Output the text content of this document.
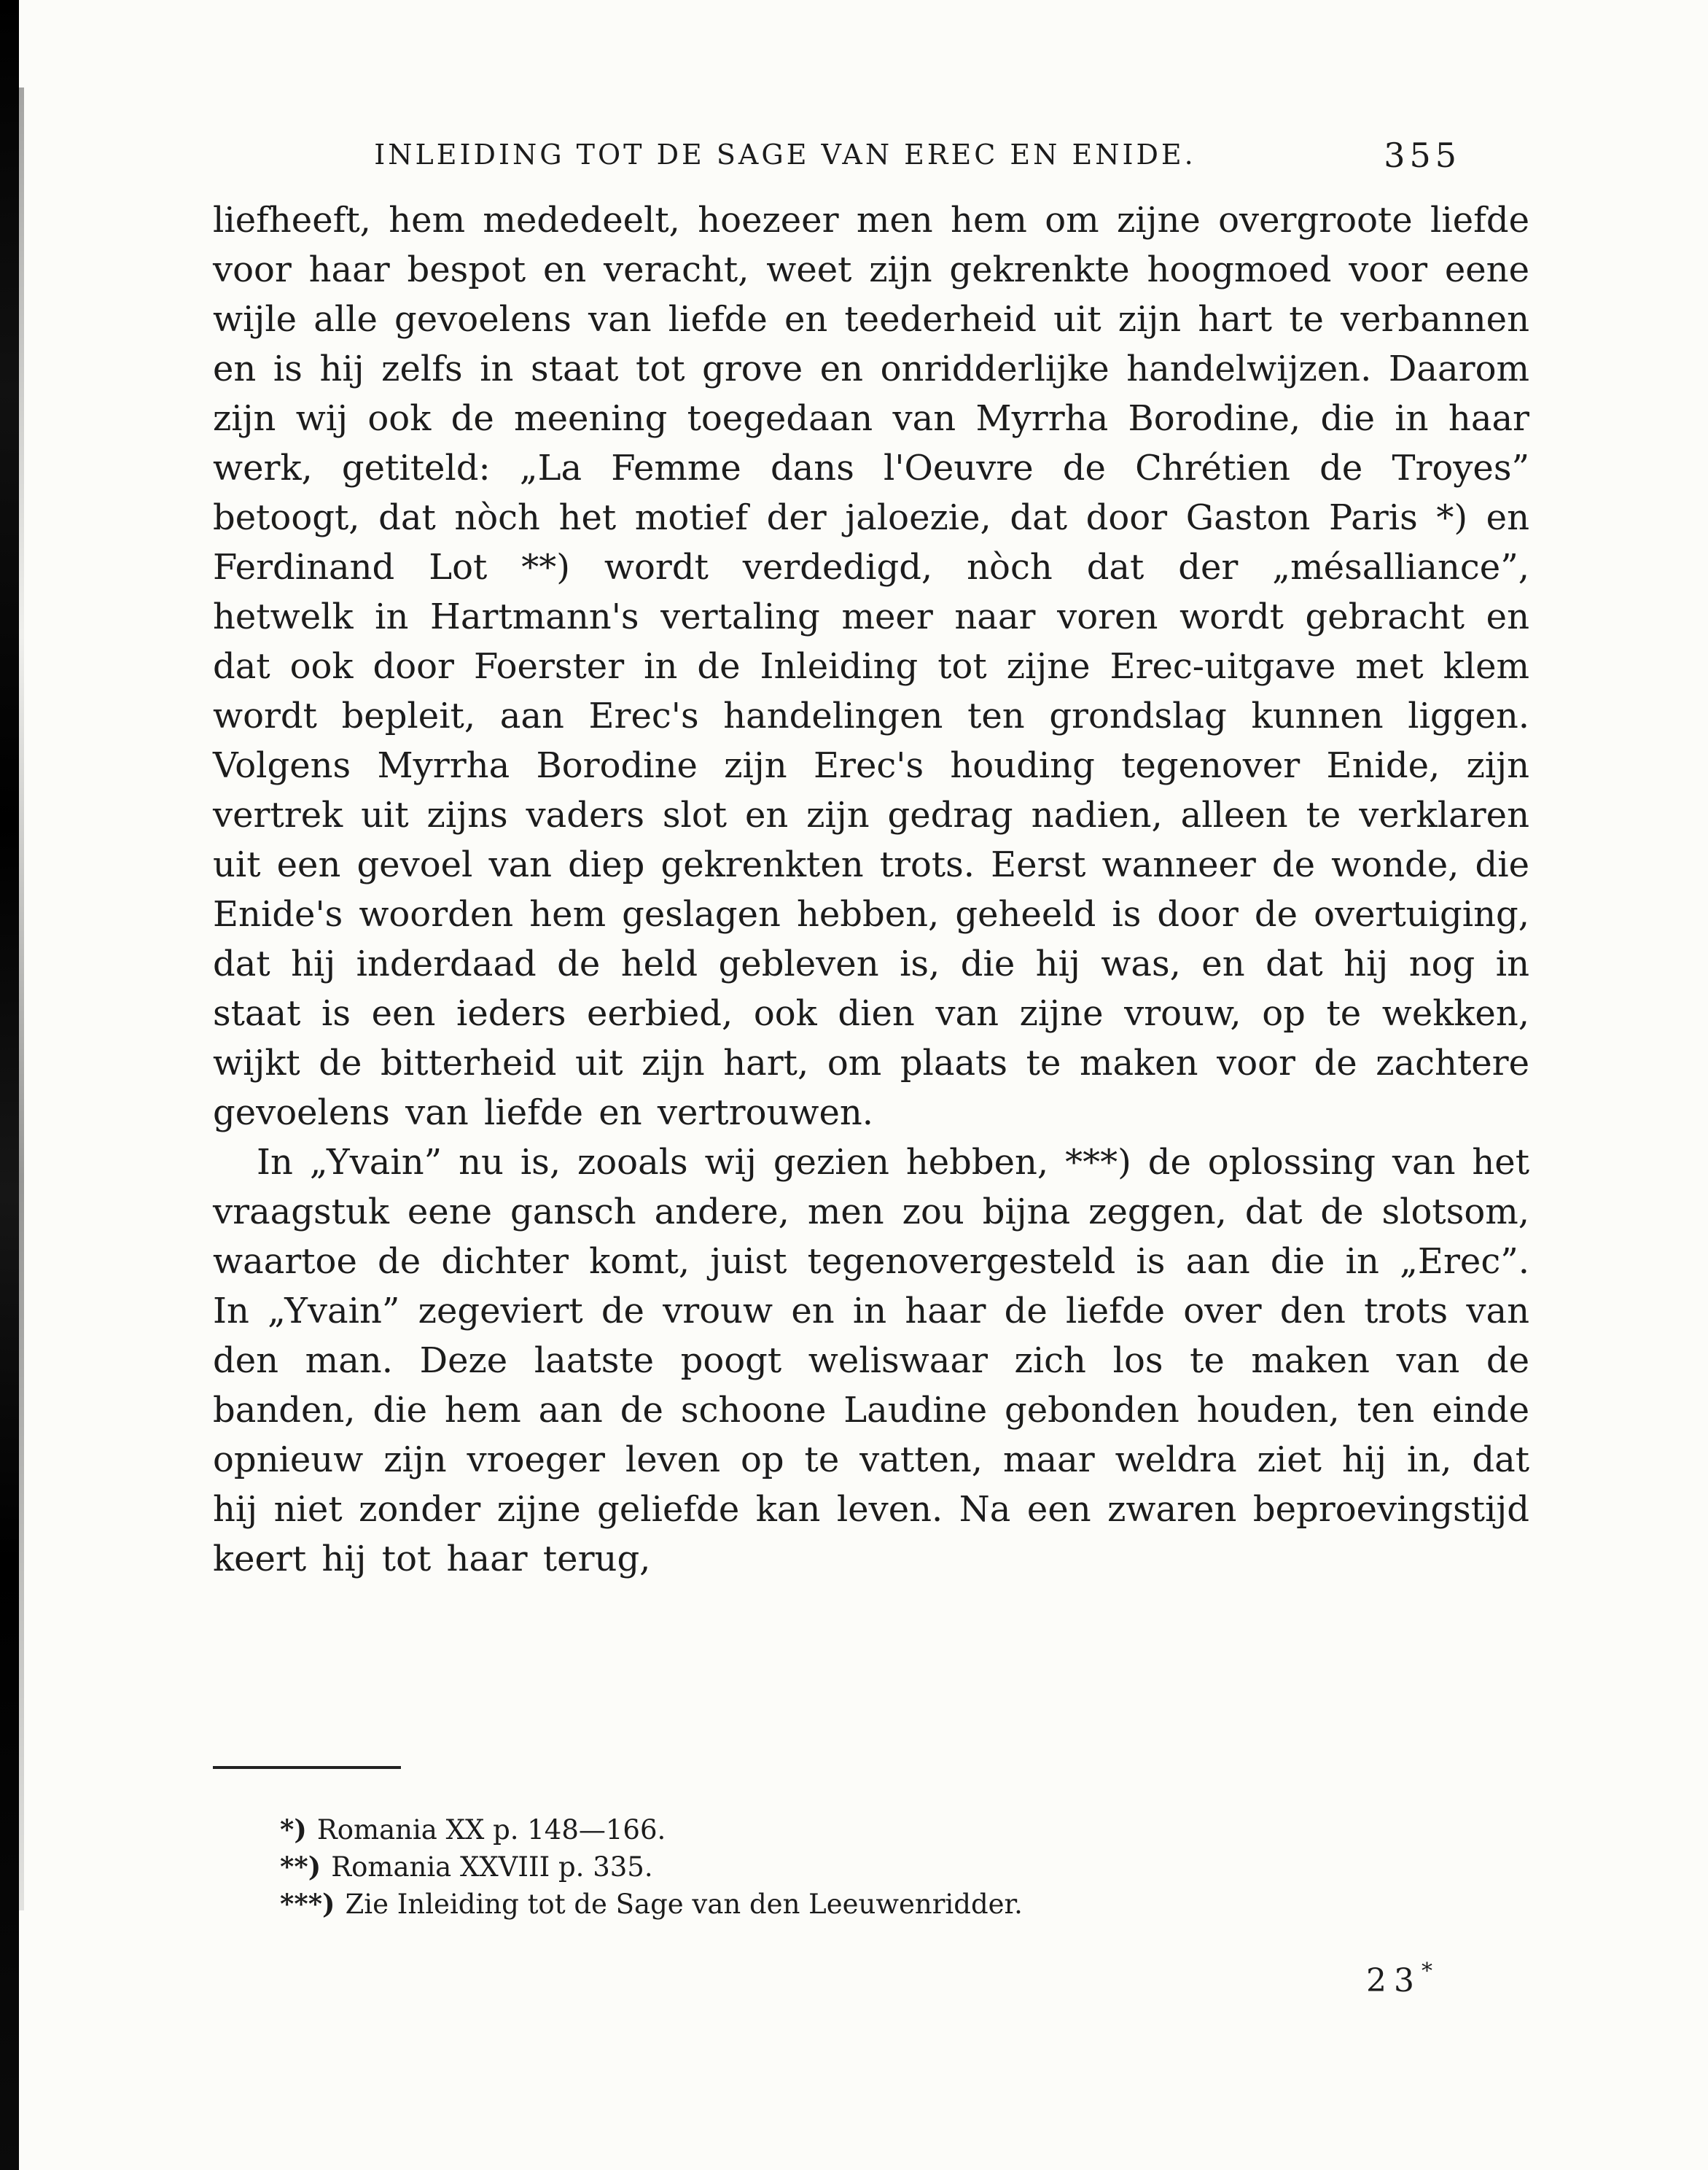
INLEIDING TOT DE SAGE VAN EREC EN ENIDE.	355

liefheeft, hem mededeelt, hoezeer men hem om zijne overgroote liefde voor haar bespot en veracht, weet zijn gekrenkte hoogmoed voor eene wijle alle gevoelens van liefde en teederheid uit zijn hart te verbannen en is hij zelfs in staat tot grove en onridderlijke handelwijzen. Daarom zijn wij ook de meening toegedaan van Myrrha Borodine, die in haar werk, getiteld: „La Femme dans l'Oeuvre de Chrétien de Troyes” betoogt, dat nòch het motief der jaloezie, dat door Gaston Paris *) en Ferdinand Lot **) wordt verdedigd, nòch dat der „mésalliance”, hetwelk in Hartmann's vertaling meer naar voren wordt gebracht en dat ook door Foerster in de Inleiding tot zijne Erec-uitgave met klem wordt bepleit, aan Erec's handelingen ten grondslag kunnen liggen. Volgens Myrrha Borodine zijn Erec's houding tegenover Enide, zijn vertrek uit zijns vaders slot en zijn gedrag nadien, alleen te verklaren uit een gevoel van diep gekrenkten trots. Eerst wanneer de wonde, die Enide's woorden hem geslagen hebben, geheeld is door de overtuiging, dat hij inderdaad de held gebleven is, die hij was, en dat hij nog in staat is een ieders eerbied, ook dien van zijne vrouw, op te wekken, wijkt de bitterheid uit zijn hart, om plaats te maken voor de zachtere gevoelens van liefde en vertrouwen.

In „Yvain” nu is, zooals wij gezien hebben, ***) de oplossing van het vraagstuk eene gansch andere, men zou bijna zeggen, dat de slotsom, waartoe de dichter komt, juist tegenovergesteld is aan die in „Erec”. In „Yvain” zegeviert de vrouw en in haar de liefde over den trots van den man. Deze laatste poogt weliswaar zich los te maken van de banden, die hem aan de schoone Laudine gebonden houden, ten einde opnieuw zijn vroeger leven op te vatten, maar weldra ziet hij in, dat hij niet zonder zijne geliefde kan leven. Na een zwaren beproevingstijd keert hij tot haar terug,

*) Romania XX p. 148—166.
**) Romania XXVIII p. 335.
***) Zie Inleiding tot de Sage van den Leeuwenridder.
23*
